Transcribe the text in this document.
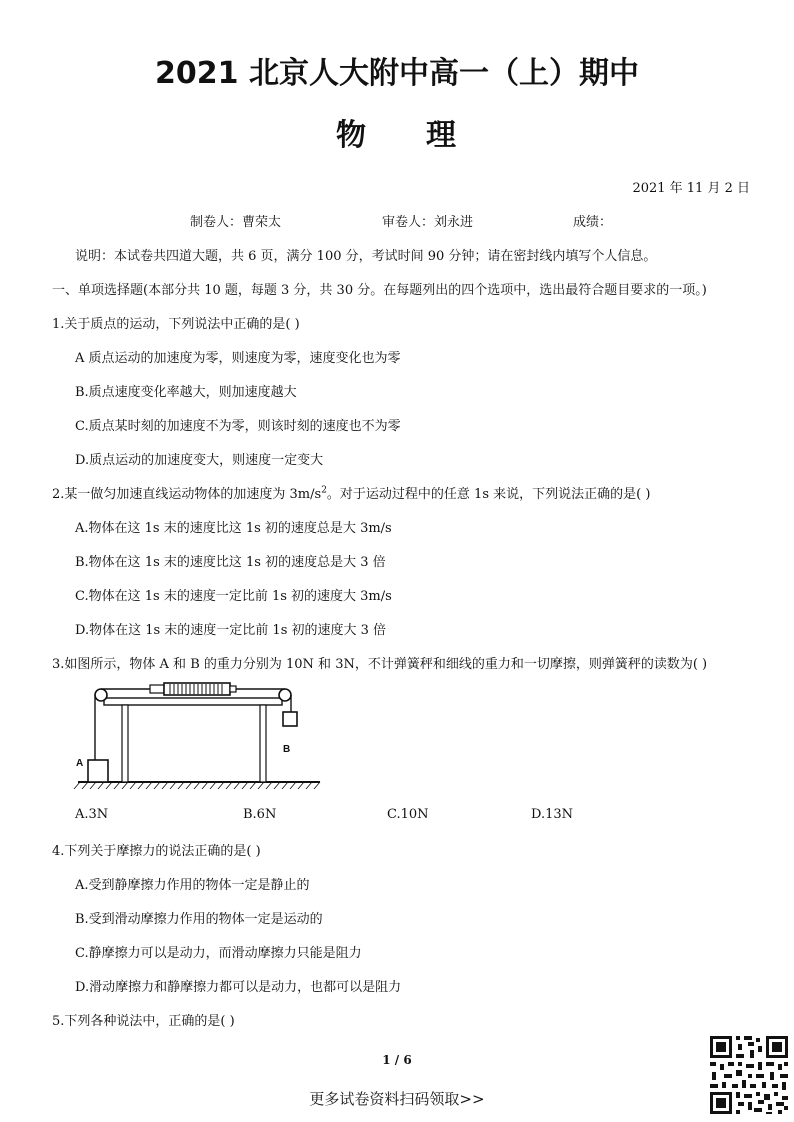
2021 北京人大附中高一（上）期中
物 理
2021 年 11 月 2 日
制卷人：曹荣太	审卷人：刘永进	成绩：
说明：本试卷共四道大题，共 6 页，满分 100 分，考试时间 90 分钟；请在密封线内填写个人信息。
一、单项选择题(本部分共 10 题，每题 3 分，共 30 分。在每题列出的四个选项中，选出最符合题目要求的一项。)
1.关于质点的运动，下列说法中正确的是( )
A 质点运动的加速度为零，则速度为零，速度变化也为零
B.质点速度变化率越大，则加速度越大
C.质点某时刻的加速度不为零，则该时刻的速度也不为零
D.质点运动的加速度变大，则速度一定变大
2.某一做匀加速直线运动物体的加速度为 $3m/s^2$。对于运动过程中的任意 1s 来说，下列说法正确的是( )
A.物体在这 1s 末的速度比这 1s 初的速度总是大 3m/s
B.物体在这 1s 末的速度比这 1s 初的速度总是大 3 倍
C.物体在这 1s 末的速度一定比前 1s 初的速度大 3m/s
D.物体在这 1s 末的速度一定比前 1s 初的速度大 3 倍
3.如图所示，物体 A 和 B 的重力分别为 10N 和 3N，不计弹簧秤和细线的重力和一切摩擦，则弹簧秤的读数为( )
A
B
A.3N	B.6N	C.10N	D.13N
4.下列关于摩擦力的说法正确的是( )
A.受到静摩擦力作用的物体一定是静止的
B.受到滑动摩擦力作用的物体一定是运动的
C.静摩擦力可以是动力，而滑动摩擦力只能是阻力
D.滑动摩擦力和静摩擦力都可以是动力，也都可以是阻力
5.下列各种说法中，正确的是( )
1 / 6
更多试卷资料扫码领取>>
